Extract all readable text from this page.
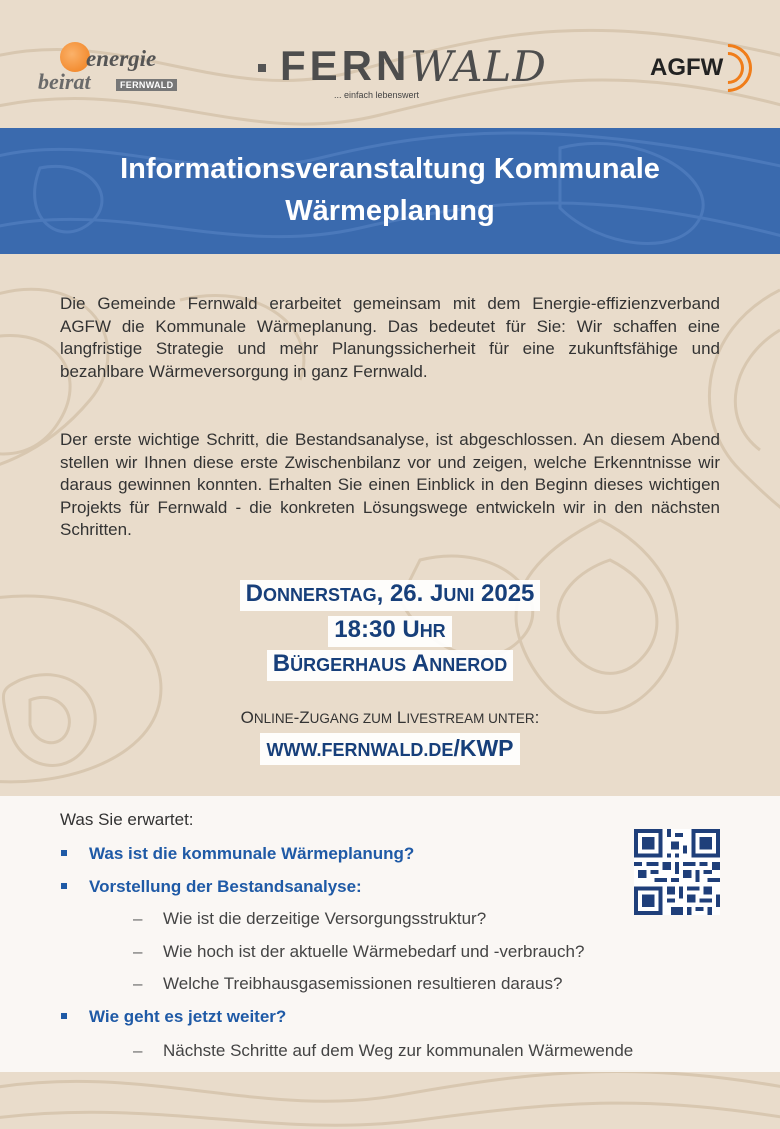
energie
beirat	FERNWALD	FERN WALD
... einfach lebenswert
AGFW
Informationsveranstaltung Kommunale
Wärmeplanung

Die Gemeinde Fernwald erarbeitet gemeinsam mit dem Energie-effizienzverband AGFW die Kommunale Wärmeplanung. Das bedeutet für Sie: Wir schaffen eine langfristige Strategie und mehr Planungssicherheit für eine zukunftsfähige und bezahlbare Wärmeversorgung in ganz Fernwald.

Der erste wichtige Schritt, die Bestandsanalyse, ist abgeschlossen. An diesem Abend stellen wir Ihnen diese erste Zwischenbilanz vor und zeigen, welche Erkenntnisse wir daraus gewinnen konnten. Erhalten Sie einen Einblick in den Beginn dieses wichtigen Projekts für Fernwald - die konkreten Lösungswege entwickeln wir in den nächsten Schritten.

DONNERSTAG, 26. JUNI 2025
18:30 UHR
BÜRGERHAUS ANNEROD
ONLINE-ZUGANG ZUM LIVESTREAM UNTER:
WWW.FERNWALD.DE/KWP
Was Sie erwartet:
Was ist die kommunale Wärmeplanung?
Vorstellung der Bestandsanalyse:
– Wie ist die derzeitige Versorgungsstruktur?
– Wie hoch ist der aktuelle Wärmebedarf und -verbrauch?
– Welche Treibhausgasemissionen resultieren daraus?
Wie geht es jetzt weiter?
– Nächste Schritte auf dem Weg zur kommunalen Wärmewende
